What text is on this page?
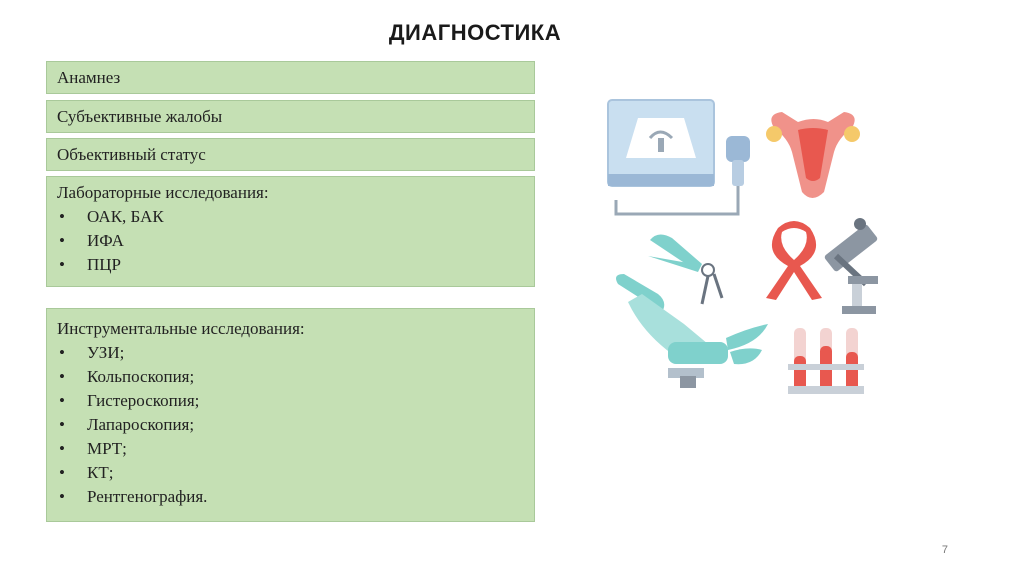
ДИАГНОСТИКА
Анамнез
Субъективные жалобы
Объективный статус
Лабораторные исследования:
• ОАК, БАК
• ИФА
• ПЦР
Инструментальные исследования:
• УЗИ;
• Кольпоскопия;
• Гистероскопия;
• Лапароскопия;
• МРТ;
• КТ;
• Рентгенография.
7
